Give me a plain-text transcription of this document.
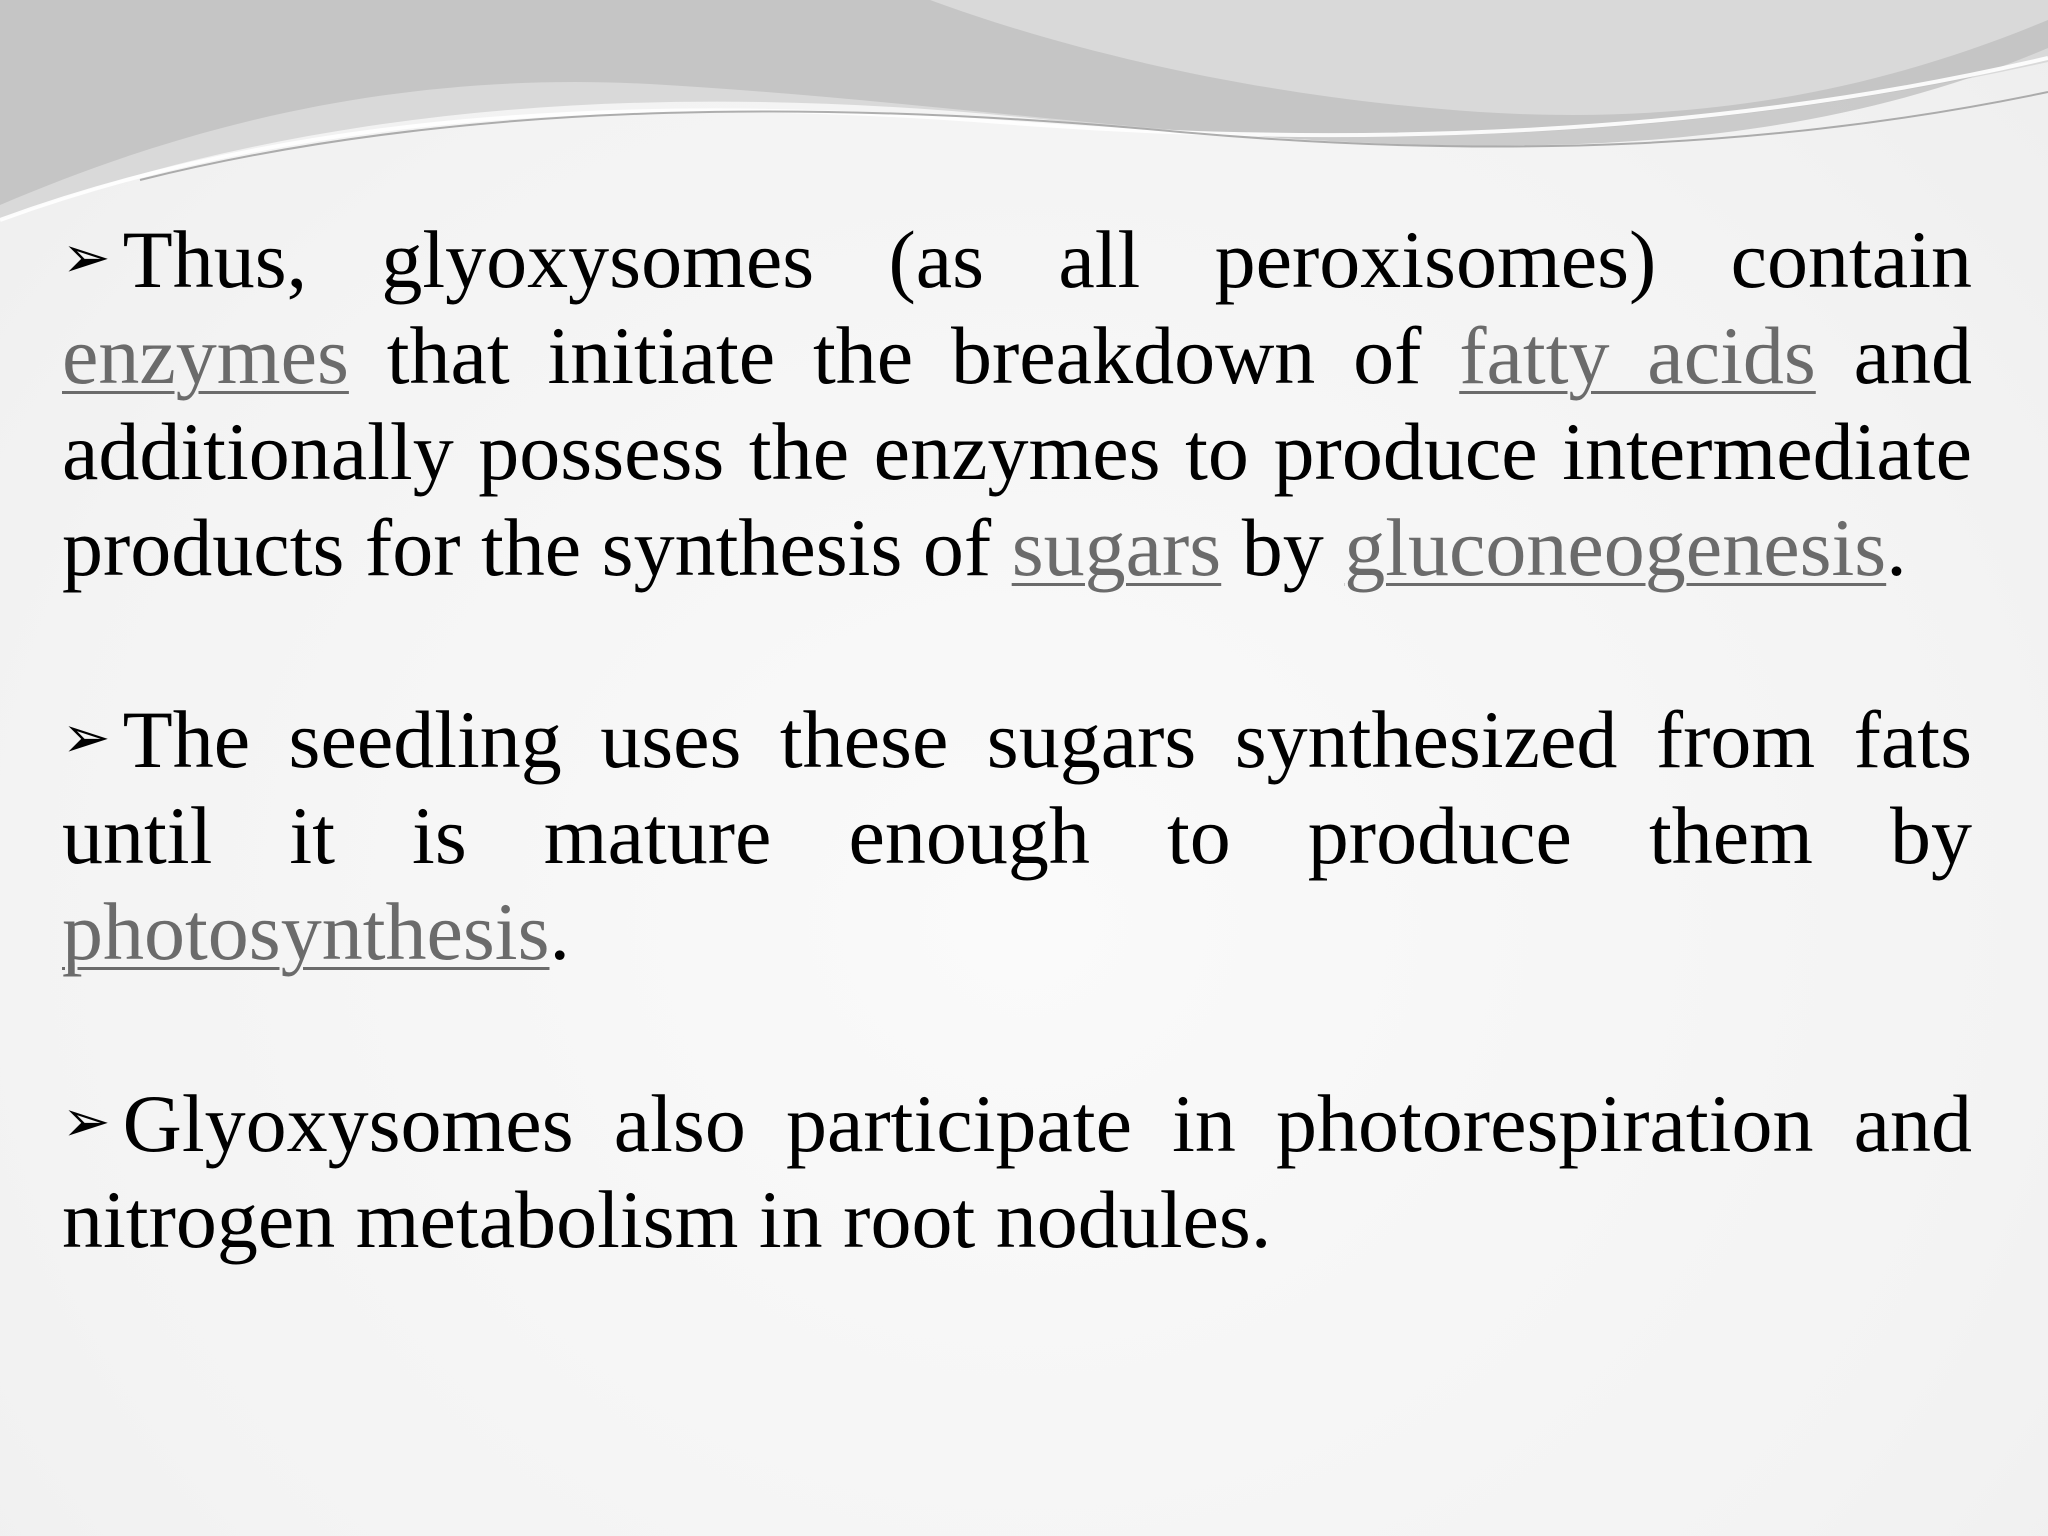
➢ Thus, glyoxysomes (as all peroxisomes) contain enzymes that initiate the breakdown of fatty acids and additionally possess the enzymes to produce intermediate products for the synthesis of sugars by gluconeogenesis.

➢ The seedling uses these sugars synthesized from fats until it is mature enough to produce them by photosynthesis.

➢ Glyoxysomes also participate in photorespiration and nitrogen metabolism in root nodules.
